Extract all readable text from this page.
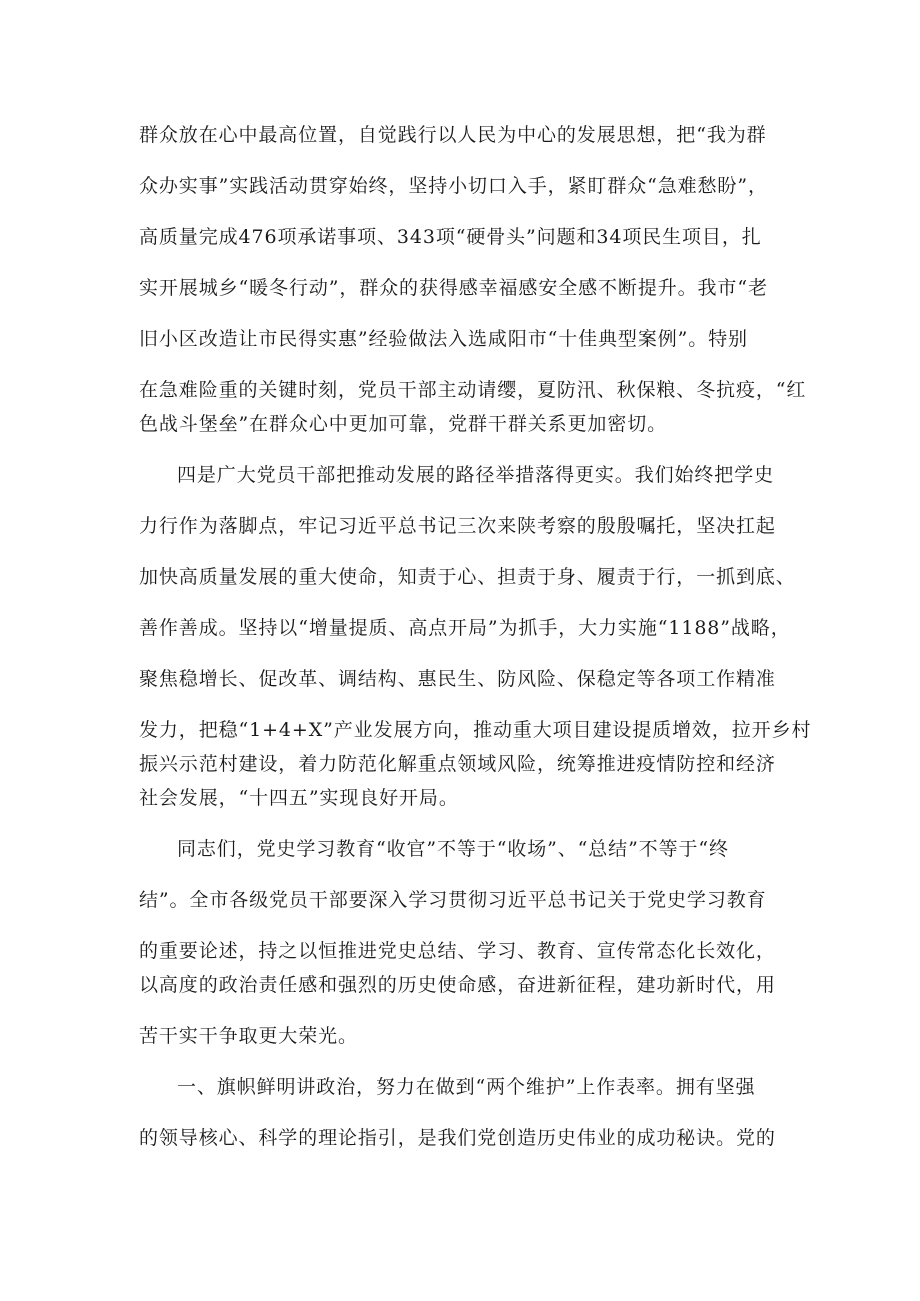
群众放在心中最高位置，自觉践行以人民为中心的发展思想，把“我为群
众办实事”实践活动贯穿始终，坚持小切口入手，紧盯群众“急难愁盼”，
高质量完成476项承诺事项、343项“硬骨头”问题和34项民生项目，扎
实开展城乡“暖冬行动”，群众的获得感幸福感安全感不断提升。我市“老
旧小区改造让市民得实惠”经验做法入选咸阳市“十佳典型案例”。特别
在急难险重的关键时刻，党员干部主动请缨，夏防汛、秋保粮、冬抗疫，“红
色战斗堡垒”在群众心中更加可靠，党群干群关系更加密切。
四是广大党员干部把推动发展的路径举措落得更实。我们始终把学史
力行作为落脚点，牢记习近平总书记三次来陕考察的殷殷嘱托，坚决扛起
加快高质量发展的重大使命，知责于心、担责于身、履责于行，一抓到底、
善作善成。坚持以“增量提质、高点开局”为抓手，大力实施“1188”战略，
聚焦稳增长、促改革、调结构、惠民生、防风险、保稳定等各项工作精准
发力，把稳“1+4+X”产业发展方向，推动重大项目建设提质增效，拉开乡村
振兴示范村建设，着力防范化解重点领域风险，统筹推进疫情防控和经济
社会发展，“十四五”实现良好开局。
同志们，党史学习教育“收官”不等于“收场”、“总结”不等于“终
结”。全市各级党员干部要深入学习贯彻习近平总书记关于党史学习教育
的重要论述，持之以恒推进党史总结、学习、教育、宣传常态化长效化，
以高度的政治责任感和强烈的历史使命感，奋进新征程，建功新时代，用
苦干实干争取更大荣光。
一、旗帜鲜明讲政治，努力在做到“两个维护”上作表率。拥有坚强
的领导核心、科学的理论指引，是我们党创造历史伟业的成功秘诀。党的
